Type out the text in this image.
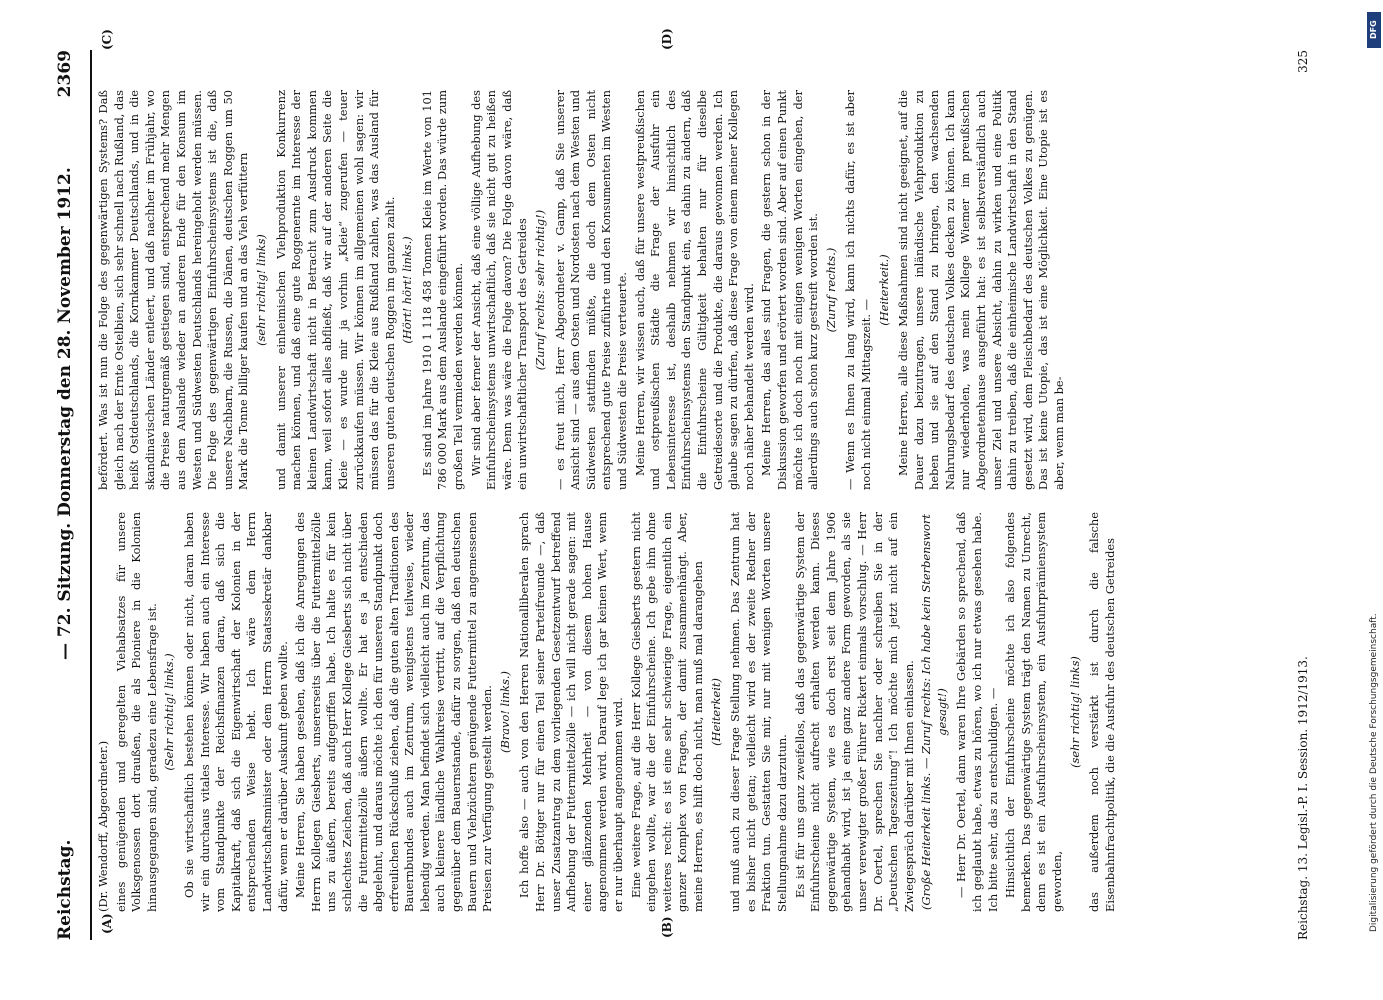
Reichstag.
— 72. Sitzung. Donnerstag den 28. November 1912.
2369
(A)	(B)
(C)	(D)

(Dr. Wendorff, Abgeordneter.) eines genügenden und geregelten Viehabsatzes für unsere Volksgenossen dort draußen, die als Pioniere in die Kolonien hinausgegangen sind, geradezu eine Lebensfrage ist. (Sehr richtig! links.) Ob sie wirtschaftlich bestehen können oder nicht, daran haben wir ein durchaus vitales Interesse. Wir haben auch ein Interesse vom Standpunkte der Reichsfinanzen daran, daß sich die Kapitalkraft, daß sich die Eigenwirtschaft der Kolonien in der entsprechenden Weise hebt. Ich wäre dem Herrn Landwirtschaftsminister oder dem Herrn Staatssekretär dankbar dafür, wenn er darüber Auskunft geben wollte. Meine Herren, Sie haben gesehen, daß ich die Anregungen des Herrn Kollegen Giesberts, unsererseits über die Futtermittelzölle uns zu äußern, bereits aufgegriffen habe. Ich halte es für kein schlechtes Zeichen, daß auch Herr Kollege Giesberts sich nicht über die Futtermittelzölle äußern wollte. Er hat es ja entschieden abgelehnt, und daraus möchte ich den für unseren Standpunkt doch erfreulichen Rückschluß ziehen, daß die guten alten Traditionen des Bauernbundes auch im Zentrum, wenigstens teilweise, wieder lebendig werden. Man befindet sich vielleicht auch im Zentrum, das auch kleinere ländliche Wahlkreise vertritt, auf die Verpflichtung gegenüber dem Bauernstande, dafür zu sorgen, daß den deutschen Bauern und Viehzüchtern genügende Futtermittel zu angemessenen Preisen zur Verfügung gestellt werden. (Bravo! links.) Ich hoffe also — auch von den Herren Nationalliberalen sprach Herr Dr. Böttger nur für einen Teil seiner Parteifreunde —, daß unser Zusatzantrag zu dem vorliegenden Gesetzentwurf betreffend Aufhebung der Futtermittelzölle — ich will nicht gerade sagen: mit einer glänzenden Mehrheit — von diesem hohen Hause angenommen werden wird. Darauf lege ich gar keinen Wert, wenn er nur überhaupt angenommen wird. Eine weitere Frage, auf die Herr Kollege Giesberts gestern nicht eingehen wollte, war die der Einfuhrscheine. Ich gebe ihm ohne weiteres recht: es ist eine sehr schwierige Frage, eigentlich ein ganzer Komplex von Fragen, der damit zusammenhängt. Aber, meine Herren, es hilft doch nicht, man muß mal darangehen (Heiterkeit) und muß auch zu dieser Frage Stellung nehmen. Das Zentrum hat es bisher nicht getan; vielleicht wird es der zweite Redner der Fraktion tun. Gestatten Sie mir, nur mit wenigen Worten unsere Stellungnahme dazu darzutun. Es ist für uns ganz zweifellos, daß das gegenwärtige System der Einfuhrscheine nicht aufrecht erhalten werden kann. Dieses gegenwärtige System, wie es doch erst seit dem Jahre 1906 gehandhabt wird, ist ja eine ganz andere Form geworden, als sie unser verewigter großer Führer Rickert einmals vorschlug. — Herr Dr. Oertel, sprechen Sie nachher oder schreiben Sie in der „Deutschen Tageszeitung“! Ich möchte mich jetzt nicht auf ein Zwiegespräch darüber mit Ihnen einlassen. (Große Heiterkeit links. — Zuruf rechts: Ich habe kein Sterbenswort gesagt!) — Herr Dr. Oertel, dann waren Ihre Gebärden so sprechend, daß ich geglaubt habe, etwas zu hören, wo ich nur etwas gesehen habe. Ich bitte sehr, das zu entschuldigen. — Hinsichtlich der Einfuhrscheine möchte ich also folgendes bemerken. Das gegenwärtige System trägt den Namen zu Unrecht, denn es ist ein Ausfuhrscheinsystem, ein Ausfuhrprämiensystem geworden,

(sehr richtig! links) das außerdem noch verstärkt ist durch die falsche Eisenbahnfrachtpolitik, die die Ausfuhr des deutschen Getreides

befördert. Was ist nun die Folge des gegenwärtigen Systems? Daß gleich nach der Ernte Ostelbien, sich sehr schnell nach Rußland, das heißt Ostdeutschlands, die Kornkammer Deutschlands, und in die skandinavischen Länder entleert, und daß nachher im Frühjahr, wo die Preise naturgemäß gestiegen sind, entsprechend mehr Mengen aus dem Auslande wieder an anderen Ende für den Konsum im Westen und Südwesten Deutschlands hereingeholt werden müssen. Die Folge des gegenwärtigen Einfuhrscheinsystems ist die, daß unsere Nachbarn, die Russen, die Dänen, deutschen Roggen um 50 Mark die Tonne billiger kaufen und an das Vieh verfüttern (sehr richtig! links) und damit unserer einheimischen Viehproduktion Konkurrenz machen können, und daß eine gute Roggenernte im Interesse der kleinen Landwirtschaft nicht in Betracht zum Ausdruck kommen kann, weil sofort alles abfließt, daß wir auf der anderen Seite die Kleie — es wurde mir ja vorhin „Kleie“ zugerufen — teuer zurückkaufen müssen. Wir können im allgemeinen wohl sagen: wir müssen das für die Kleie aus Rußland zahlen, was das Ausland für unseren guten deutschen Roggen im ganzen zahlt. (Hört! hört! links.) Es sind im Jahre 1910 1 118 458 Tonnen Kleie im Werte von 101 786 000 Mark aus dem Auslande eingeführt worden. Das würde zum großen Teil vermieden werden können. Wir sind aber ferner der Ansicht, daß eine völlige Aufhebung des Einfuhrscheinsystems unwirtschaftlich, daß sie nicht gut zu heißen wäre. Denn was wäre die Folge davon? Die Folge davon wäre, daß ein unwirtschaftlicher Transport des Getreides (Zuruf rechts: sehr richtig!) — es freut mich, Herr Abgeordneter v. Gamp, daß Sie unserer Ansicht sind — aus dem Osten und Nordosten nach dem Westen und Südwesten stattfinden müßte, die doch dem Osten nicht entsprechend gute Preise zuführte und den Konsumenten im Westen und Südwesten die Preise verteuerte. Meine Herren, wir wissen auch, daß für unsere westpreußischen und ostpreußischen Städte die Frage der Ausfuhr ein Lebensinteresse ist, deshalb nehmen wir hinsichtlich des Einfuhrscheinsystems den Standpunkt ein, es dahin zu ändern, daß die Einfuhrscheine Gültigkeit behalten nur für dieselbe Getreidesorte und die Produkte, die daraus gewonnen werden. Ich glaube sagen zu dürfen, daß diese Frage von einem meiner Kollegen noch näher behandelt werden wird. Meine Herren, das alles sind Fragen, die gestern schon in der Diskussion geworfen und erörtert worden sind. Aber auf einen Punkt möchte ich doch noch mit einigen wenigen Worten eingehen, der allerdings auch schon kurz gestreift worden ist. (Zuruf rechts.) — Wenn es Ihnen zu lang wird, kann ich nichts dafür, es ist aber noch nicht einmal Mittagszeit. —

(Heiterkeit.) Meine Herren, alle diese Maßnahmen sind nicht geeignet, auf die Dauer dazu beizutragen, unsere inländische Viehproduktion zu heben und sie auf den Stand zu bringen, den wachsenden Nahrungsbedarf des deutschen Volkes decken zu können. Ich kann nur wiederholen, was mein Kollege Wiemer im preußischen Abgeordnetenhause ausgeführt hat: es ist selbstverständlich auch unser Ziel und unsere Absicht, dahin zu wirken und eine Politik dahin zu treiben, daß die einheimische Landwirtschaft in den Stand gesetzt wird, dem Fleischbedarf des deutschen Volkes zu genügen. Das ist keine Utopie, das ist eine Möglichkeit. Eine Utopie ist es aber, wenn man be-

Reichstag. 13. Legisl.-P. I. Session. 1912/1913.
325
DFG
Digitalisierung gefördert durch die Deutsche Forschungsgemeinschaft.
